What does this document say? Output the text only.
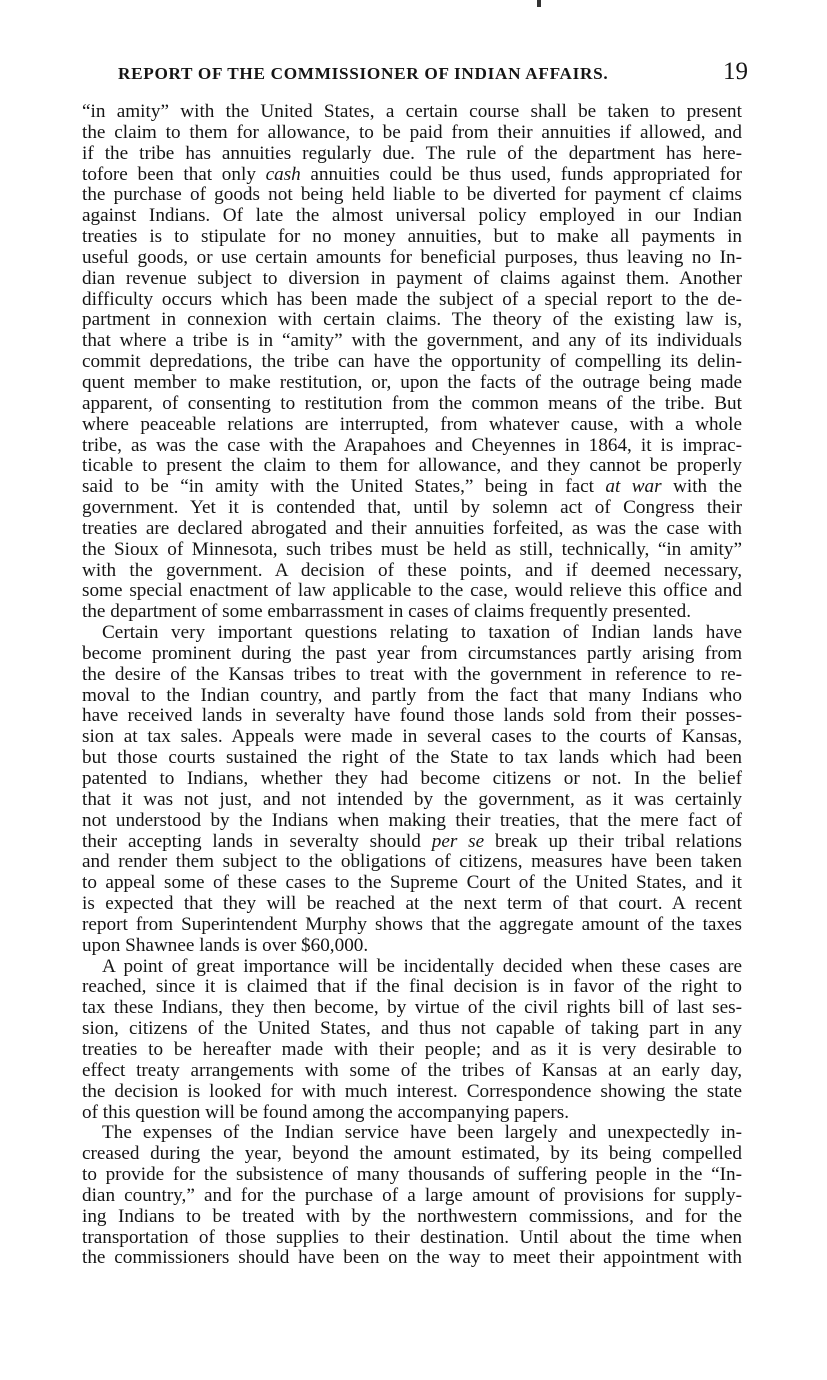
REPORT OF THE COMMISSIONER OF INDIAN AFFAIRS.	19
“in amity” with the United States, a certain course shall be taken to present
the claim to them for allowance, to be paid from their annuities if allowed, and
if the tribe has annuities regularly due. The rule of the department has here-
tofore been that only cash annuities could be thus used, funds appropriated for
the purchase of goods not being held liable to be diverted for payment cf claims
against Indians. Of late the almost universal policy employed in our Indian
treaties is to stipulate for no money annuities, but to make all payments in
useful goods, or use certain amounts for beneficial purposes, thus leaving no In-
dian revenue subject to diversion in payment of claims against them. Another
difficulty occurs which has been made the subject of a special report to the de-
partment in connexion with certain claims. The theory of the existing law is,
that where a tribe is in “amity” with the government, and any of its individuals
commit depredations, the tribe can have the opportunity of compelling its delin-
quent member to make restitution, or, upon the facts of the outrage being made
apparent, of consenting to restitution from the common means of the tribe. But
where peaceable relations are interrupted, from whatever cause, with a whole
tribe, as was the case with the Arapahoes and Cheyennes in 1864, it is imprac-
ticable to present the claim to them for allowance, and they cannot be properly
said to be “in amity with the United States,” being in fact at war with the
government. Yet it is contended that, until by solemn act of Congress their
treaties are declared abrogated and their annuities forfeited, as was the case with
the Sioux of Minnesota, such tribes must be held as still, technically, “in amity”
with the government. A decision of these points, and if deemed necessary,
some special enactment of law applicable to the case, would relieve this office and
the department of some embarrassment in cases of claims frequently presented.
Certain very important questions relating to taxation of Indian lands have
become prominent during the past year from circumstances partly arising from
the desire of the Kansas tribes to treat with the government in reference to re-
moval to the Indian country, and partly from the fact that many Indians who
have received lands in severalty have found those lands sold from their posses-
sion at tax sales. Appeals were made in several cases to the courts of Kansas,
but those courts sustained the right of the State to tax lands which had been
patented to Indians, whether they had become citizens or not. In the belief
that it was not just, and not intended by the government, as it was certainly
not understood by the Indians when making their treaties, that the mere fact of
their accepting lands in severalty should per se break up their tribal relations
and render them subject to the obligations of citizens, measures have been taken
to appeal some of these cases to the Supreme Court of the United States, and it
is expected that they will be reached at the next term of that court. A recent
report from Superintendent Murphy shows that the aggregate amount of the taxes
upon Shawnee lands is over $60,000.
A point of great importance will be incidentally decided when these cases are
reached, since it is claimed that if the final decision is in favor of the right to
tax these Indians, they then become, by virtue of the civil rights bill of last ses-
sion, citizens of the United States, and thus not capable of taking part in any
treaties to be hereafter made with their people; and as it is very desirable to
effect treaty arrangements with some of the tribes of Kansas at an early day,
the decision is looked for with much interest. Correspondence showing the state
of this question will be found among the accompanying papers.
The expenses of the Indian service have been largely and unexpectedly in-
creased during the year, beyond the amount estimated, by its being compelled
to provide for the subsistence of many thousands of suffering people in the “In-
dian country,” and for the purchase of a large amount of provisions for supply-
ing Indians to be treated with by the northwestern commissions, and for the
transportation of those supplies to their destination. Until about the time when
the commissioners should have been on the way to meet their appointment with
